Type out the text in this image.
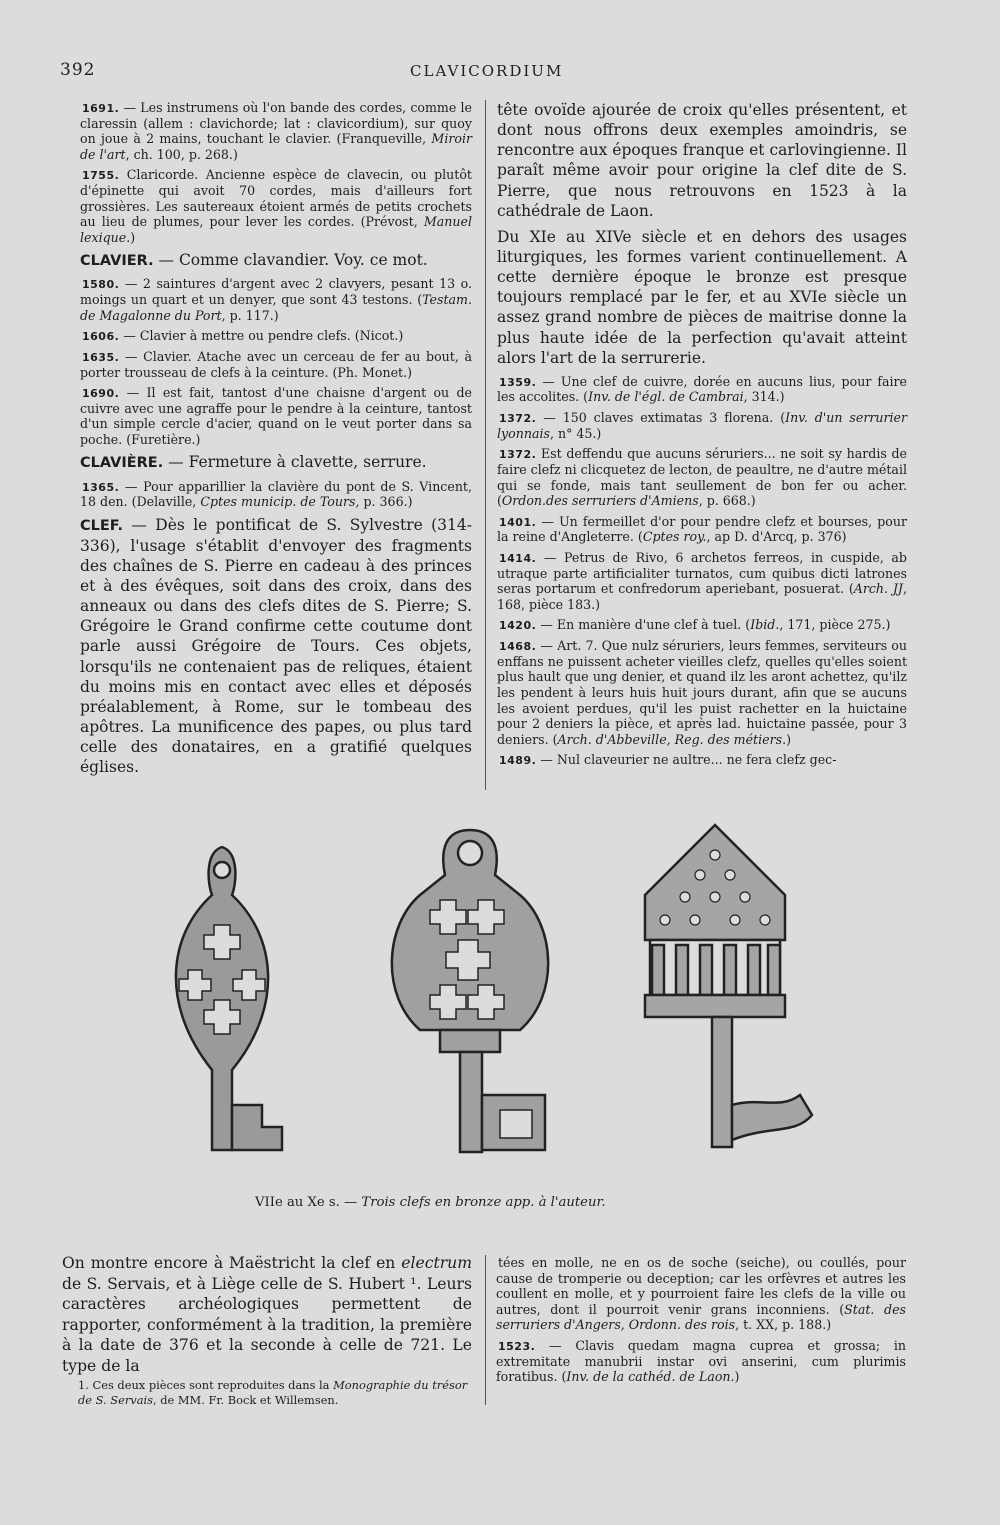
392	CLAVICORDIUM

1691. — Les instrumens où l'on bande des cordes, comme le claressin (allem : clavichorde; lat : clavicordium), sur quoy on joue à 2 mains, touchant le clavier. (Franqueville, Miroir de l'art, ch. 100, p. 268.)

1755. Claricorde. Ancienne espèce de clavecin, ou plutôt d'épinette qui avoit 70 cordes, mais d'ailleurs fort grossières. Les sautereaux étoient armés de petits crochets au lieu de plumes, pour lever les cordes. (Prévost, Manuel lexique.)

CLAVIER. — Comme clavandier. Voy. ce mot.

1580. — 2 saintures d'argent avec 2 clavyers, pesant 13 o. moings un quart et un denyer, que sont 43 testons. (Testam. de Magalonne du Port, p. 117.)

1606. — Clavier à mettre ou pendre clefs. (Nicot.)

1635. — Clavier. Atache avec un cerceau de fer au bout, à porter trousseau de clefs à la ceinture. (Ph. Monet.)

1690. — Il est fait, tantost d'une chaisne d'argent ou de cuivre avec une agraffe pour le pendre à la ceinture, tantost d'un simple cercle d'acier, quand on le veut porter dans sa poche. (Furetière.)

CLAVIÈRE. — Fermeture à clavette, serrure.

1365. — Pour apparillier la clavière du pont de S. Vincent, 18 den. (Delaville, Cptes municip. de Tours, p. 366.)

CLEF. — Dès le pontificat de S. Sylvestre (314-336), l'usage s'établit d'envoyer des fragments des chaînes de S. Pierre en cadeau à des princes et à des évêques, soit dans des croix, dans des anneaux ou dans des clefs dites de S. Pierre; S. Grégoire le Grand confirme cette coutume dont parle aussi Grégoire de Tours. Ces objets, lorsqu'ils ne contenaient pas de reliques, étaient du moins mis en contact avec elles et déposés préalablement, à Rome, sur le tombeau des apôtres. La munificence des papes, ou plus tard celle des donataires, en a gratifié quelques églises.

tête ovoïde ajourée de croix qu'elles présentent, et dont nous offrons deux exemples amoindris, se rencontre aux époques franque et carlovingienne. Il paraît même avoir pour origine la clef dite de S. Pierre, que nous retrouvons en 1523 à la cathédrale de Laon.

Du XIe au XIVe siècle et en dehors des usages liturgiques, les formes varient continuellement. A cette dernière époque le bronze est presque toujours remplacé par le fer, et au XVIe siècle un assez grand nombre de pièces de maitrise donne la plus haute idée de la perfection qu'avait atteint alors l'art de la serrurerie.

1359. — Une clef de cuivre, dorée en aucuns lius, pour faire les accolites. (Inv. de l'égl. de Cambrai, 314.)

1372. — 150 claves extimatas 3 florena. (Inv. d'un serrurier lyonnais, n° 45.)

1372. Est deffendu que aucuns séruriers... ne soit sy hardis de faire clefz ni clicquetez de lecton, de peaultre, ne d'autre métail qui se fonde, mais tant seullement de bon fer ou acher. (Ordon.des serruriers d'Amiens, p. 668.)

1401. — Un fermeillet d'or pour pendre clefz et bourses, pour la reine d'Angleterre. (Cptes roy., ap D. d'Arcq, p. 376)

1414. — Petrus de Rivo, 6 archetos ferreos, in cuspide, ab utraque parte artificialiter turnatos, cum quibus dicti latrones seras portarum et confredorum aperiebant, posuerat. (Arch. JJ, 168, pièce 183.)

1420. — En manière d'une clef à tuel. (Ibid., 171, pièce 275.)

1468. — Art. 7. Que nulz séruriers, leurs femmes, serviteurs ou enffans ne puissent acheter vieilles clefz, quelles qu'elles soient plus hault que ung denier, et quand ilz les aront achettez, qu'ilz les pendent à leurs huis huit jours durant, afin que se aucuns les avoient perdues, qu'il les puist rachetter en la huictaine pour 2 deniers la pièce, et après lad. huictaine passée, pour 3 deniers. (Arch. d'Abbeville, Reg. des métiers.)

1489. — Nul claveurier ne aultre... ne fera clefz gec-

VIIe au Xe s. — Trois clefs en bronze app. à l'auteur.
On montre encore à Maëstricht la clef en electrum de S. Servais, et à Liège celle de S. Hubert ¹. Leurs caractères archéologiques permettent de rapporter, conformément à la tradition, la première à la date de 376 et la seconde à celle de 721. Le type de la
1. Ces deux pièces sont reproduites dans la Monographie du trésor de S. Servais, de MM. Fr. Bock et Willemsen.

tées en molle, ne en os de soche (seiche), ou coullés, pour cause de tromperie ou deception; car les orfèvres et autres les coullent en molle, et y pourroient faire les clefs de la ville ou autres, dont il pourroit venir grans inconniens. (Stat. des serruriers d'Angers, Ordonn. des rois, t. XX, p. 188.)

1523. — Clavis quedam magna cuprea et grossa; in extremitate manubrii instar ovi anserini, cum plurimis foratibus. (Inv. de la cathéd. de Laon.)
